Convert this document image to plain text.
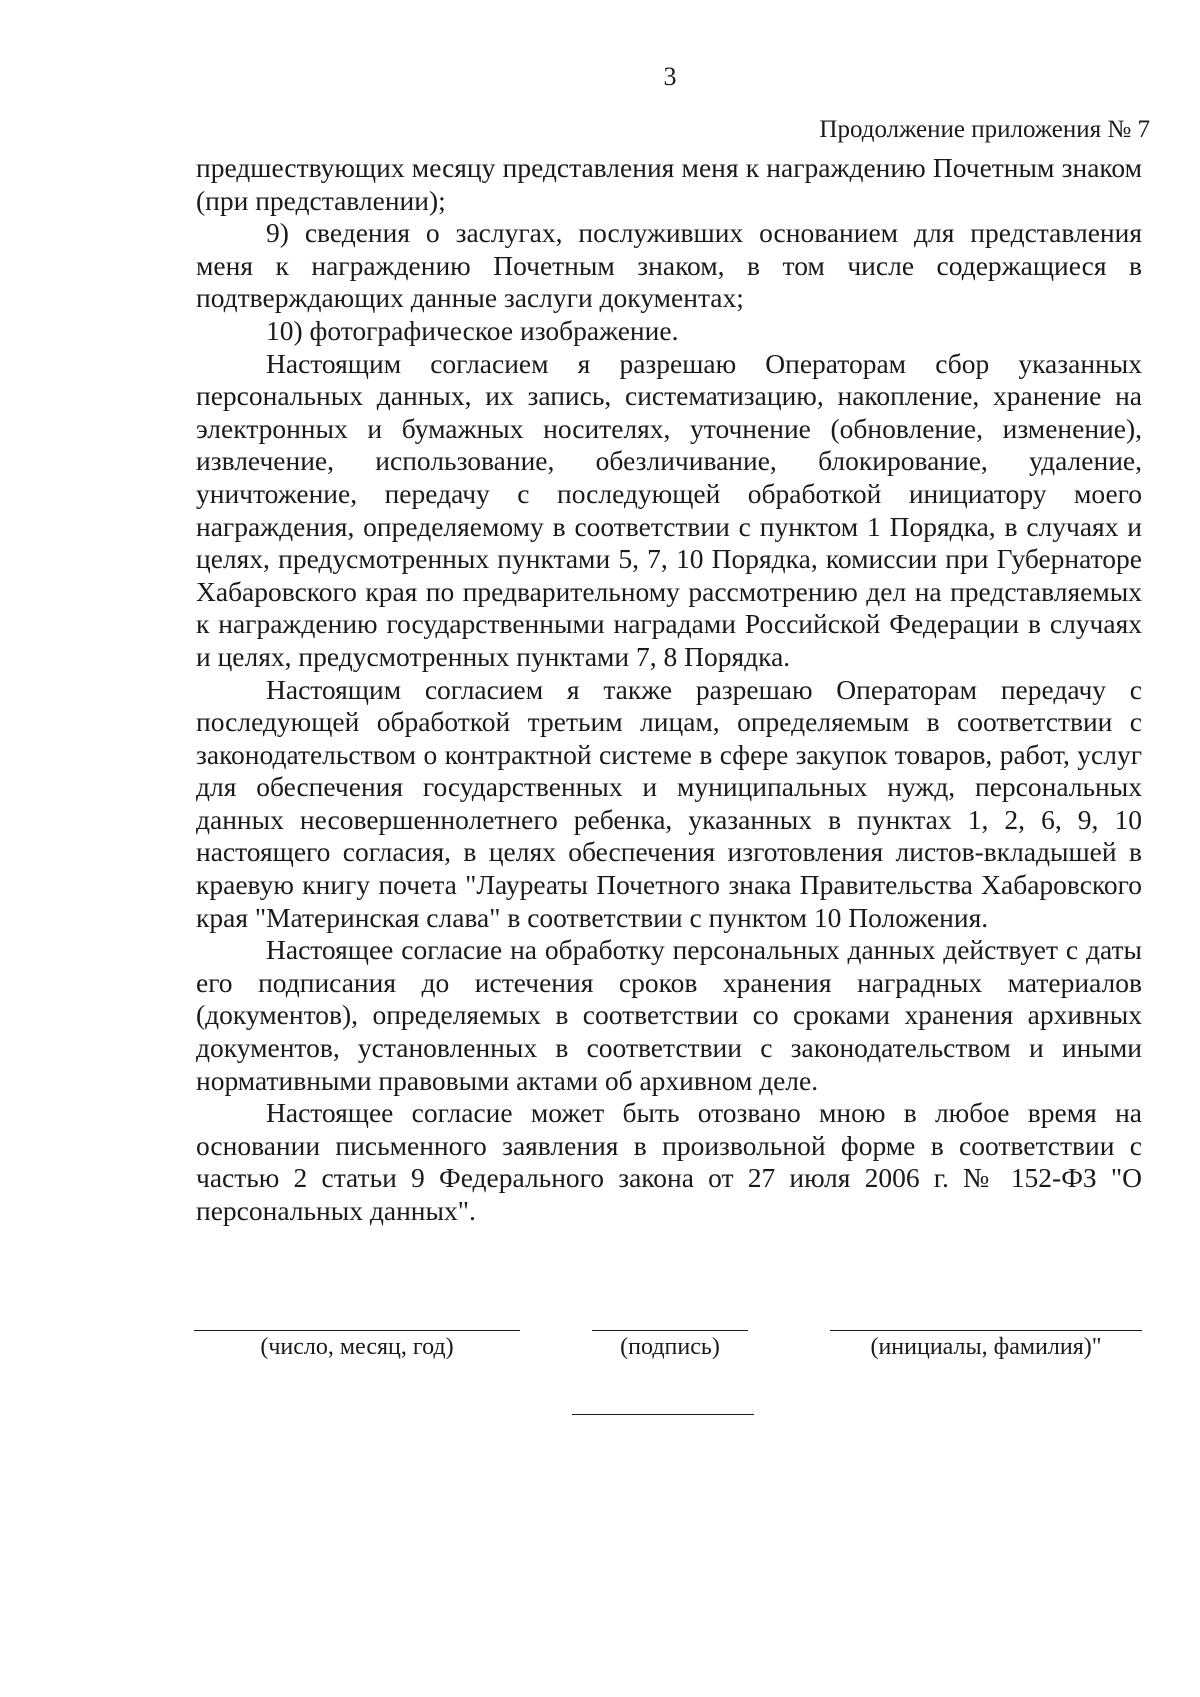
3
Продолжение приложения № 7

предшествующих месяцу представления меня к награждению Почетным знаком (при представлении);

9) сведения о заслугах, послуживших основанием для представления меня к награждению Почетным знаком, в том числе содержащиеся в подтверждающих данные заслуги документах;

10) фотографическое изображение.

Настоящим согласием я разрешаю Операторам сбор указанных персональных данных, их запись, систематизацию, накопление, хранение на электронных и бумажных носителях, уточнение (обновление, изменение), извлечение, использование, обезличивание, блокирование, удаление, уничтожение, передачу с последующей обработкой инициатору моего награждения, определяемому в соответствии с пунктом 1 Порядка, в случаях и целях, предусмотренных пунктами 5, 7, 10 Порядка, комиссии при Губернаторе Хабаровского края по предварительному рассмотрению дел на представляемых к награждению государственными наградами Российской Федерации в случаях и целях, предусмотренных пунктами 7, 8 Порядка.

Настоящим согласием я также разрешаю Операторам передачу с последующей обработкой третьим лицам, определяемым в соответствии с законодательством о контрактной системе в сфере закупок товаров, работ, услуг для обеспечения государственных и муниципальных нужд, персональных данных несовершеннолетнего ребенка, указанных в пунктах 1, 2, 6, 9, 10 настоящего согласия, в целях обеспечения изготовления листов-вкладышей в краевую книгу почета "Лауреаты Почетного знака Правительства Хабаровского края "Материнская слава" в соответствии с пунктом 10 Положения.

Настоящее согласие на обработку персональных данных действует с даты его подписания до истечения сроков хранения наградных материалов (документов), определяемых в соответствии со сроками хранения архивных документов, установленных в соответствии с законодательством и иными нормативными правовыми актами об архивном деле.

Настоящее согласие может быть отозвано мною в любое время на основании письменного заявления в произвольной форме в соответствии с частью 2 статьи 9 Федерального закона от 27 июля 2006 г. № 152-ФЗ "О персональных данных".

(число, месяц, год)	(подпись)	(инициалы, фамилия)"
